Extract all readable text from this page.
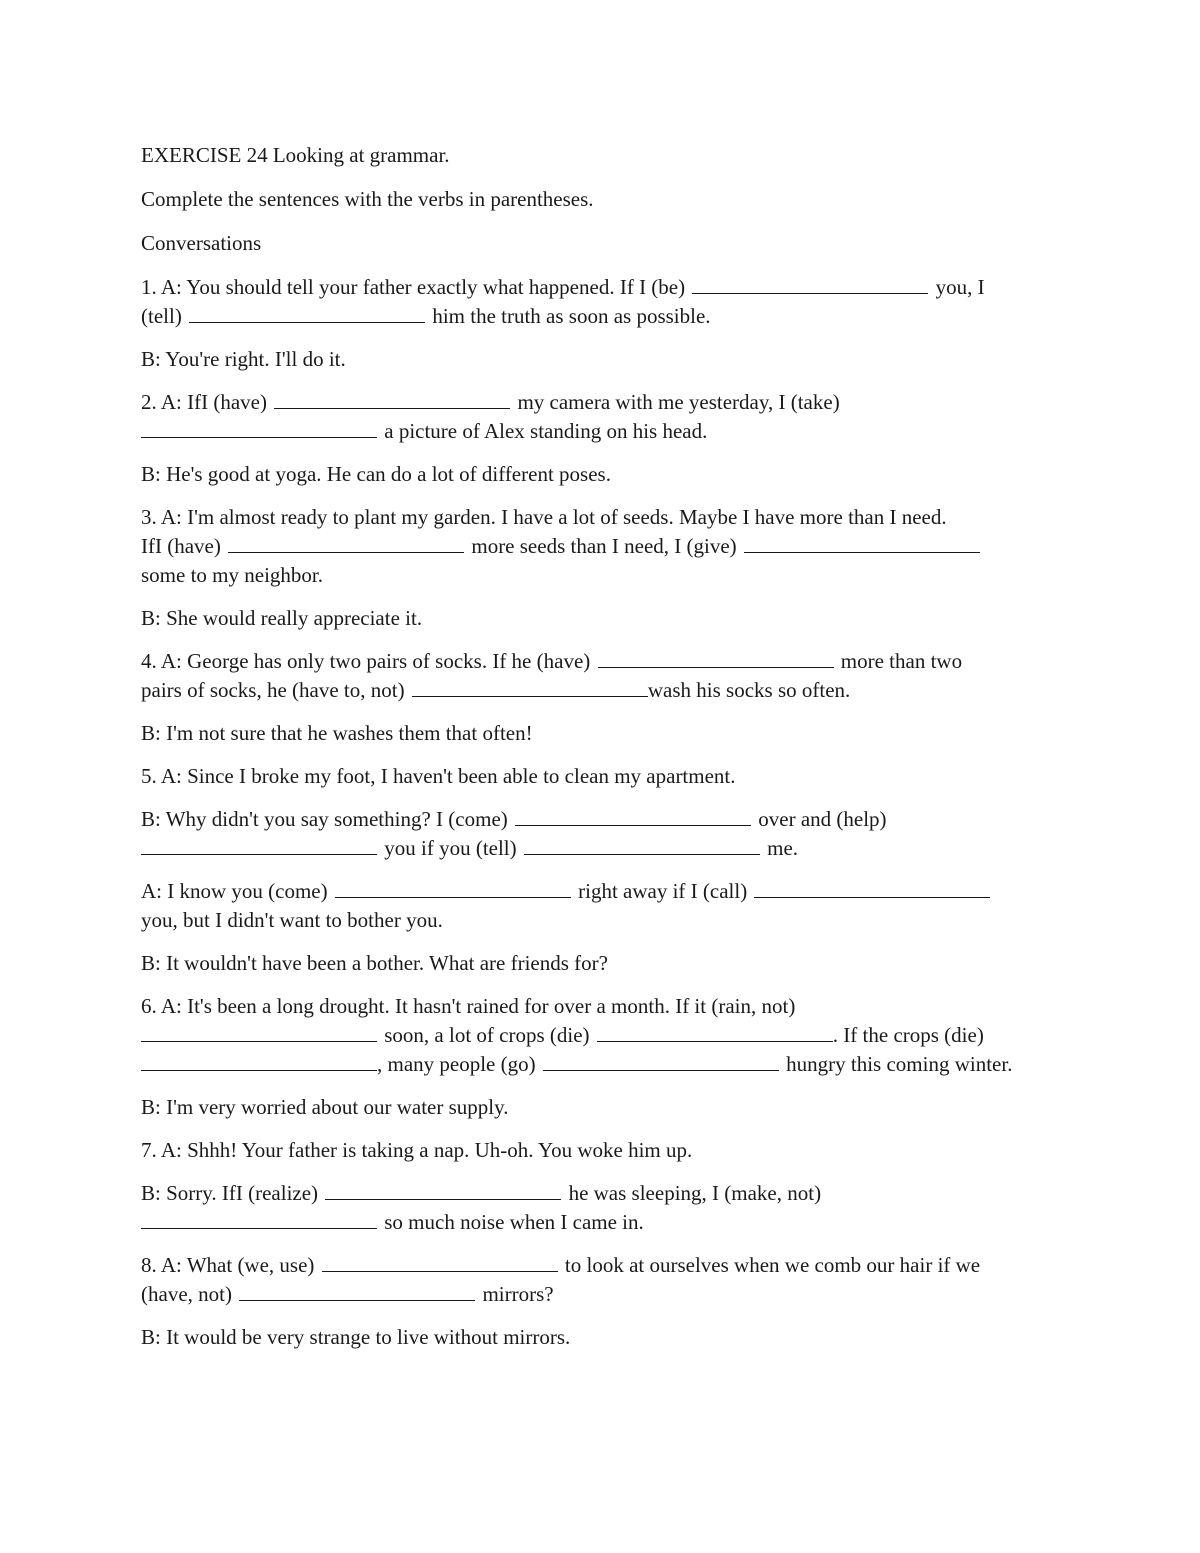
EXERCISE 24 Looking at grammar.

Complete the sentences with the verbs in parentheses.

Conversations

1. A: You should tell your father exactly what happened. If I (be)	you, I
(tell)	him the truth as soon as possible.

B: You're right. I'll do it.

2. A: IfI (have)	my camera with me yesterday, I (take)
a picture of Alex standing on his head.

B: He's good at yoga. He can do a lot of different poses.

3. A: I'm almost ready to plant my garden. I have a lot of seeds. Maybe I have more than I need.
IfI (have)	more seeds than I need, I (give)
some to my neighbor.

B: She would really appreciate it.

4. A: George has only two pairs of socks. If he (have)	more than two
pairs of socks, he (have to, not)	wash his socks so often.

B: I'm not sure that he washes them that often!

5. A: Since I broke my foot, I haven't been able to clean my apartment.

B: Why didn't you say something? I (come)	over and (help)
you if you (tell)	me.

A: I know you (come)	right away if I (call)
you, but I didn't want to bother you.

B: It wouldn't have been a bother. What are friends for?

6. A: It's been a long drought. It hasn't rained for over a month. If it (rain, not)
soon, a lot of crops (die)	. If the crops (die)
, many people (go)	hungry this coming winter.

B: I'm very worried about our water supply.

7. A: Shhh! Your father is taking a nap. Uh-oh. You woke him up.

B: Sorry. IfI (realize)	he was sleeping, I (make, not)
so much noise when I came in.

8. A: What (we, use)	to look at ourselves when we comb our hair if we
(have, not)	mirrors?

B: It would be very strange to live without mirrors.
